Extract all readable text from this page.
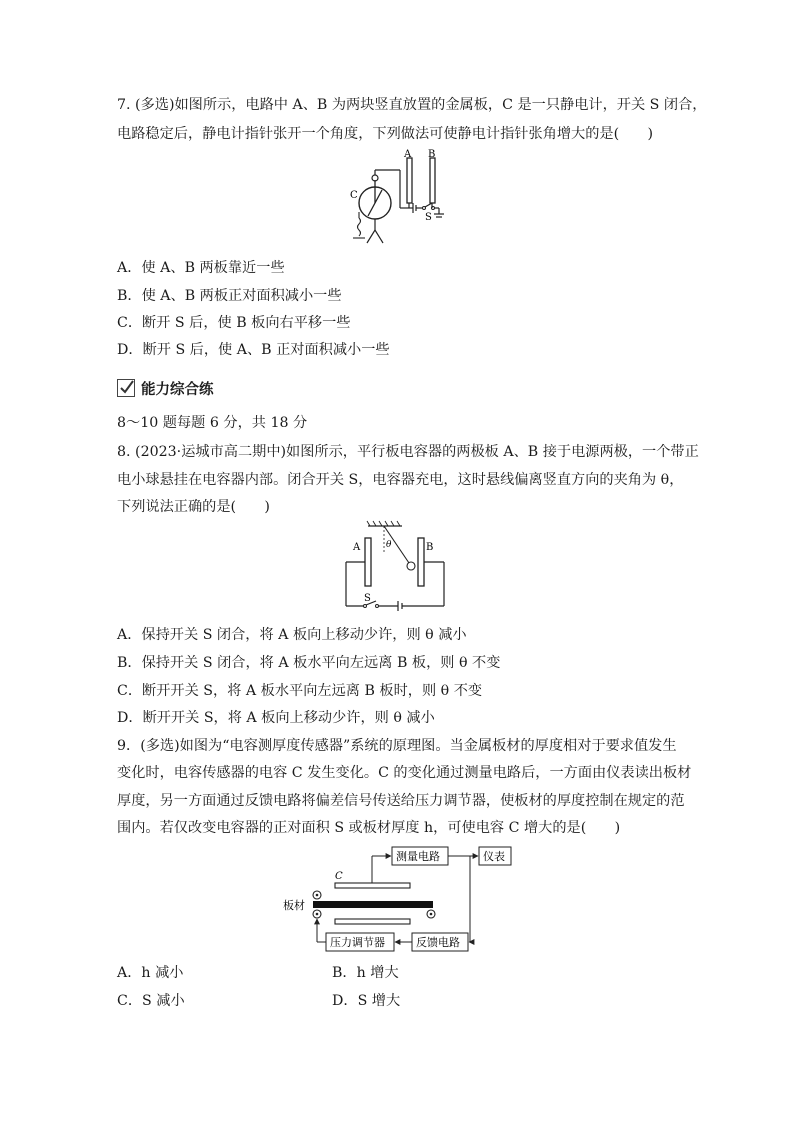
7. (多选)如图所示，电路中 A、B 为两块竖直放置的金属板，C 是一只静电计，开关 S 闭合，
电路稳定后，静电计指针张开一个角度，下列做法可使静电计指针张角增大的是(　　)
A B
C
S
A．使 A、B 两板靠近一些
B．使 A、B 两板正对面积减小一些
C．断开 S 后，使 B 板向右平移一些
D．断开 S 后，使 A、B 正对面积减小一些
能力综合练
8～10 题每题 6 分，共 18 分
8. (2023·运城市高二期中)如图所示，平行板电容器的两极板 A、B 接于电源两极，一个带正
电小球悬挂在电容器内部。闭合开关 S，电容器充电，这时悬线偏离竖直方向的夹角为 θ，
下列说法正确的是(　　)
A	B
θ
S
A．保持开关 S 闭合，将 A 板向上移动少许，则 θ 减小
B．保持开关 S 闭合，将 A 板水平向左远离 B 板，则 θ 不变
C．断开开关 S，将 A 板水平向左远离 B 板时，则 θ 不变
D．断开开关 S，将 A 板向上移动少许，则 θ 减小
9．(多选)如图为“电容测厚度传感器”系统的原理图。当金属板材的厚度相对于要求值发生
变化时，电容传感器的电容 C 发生变化。C 的变化通过测量电路后，一方面由仪表读出板材
厚度，另一方面通过反馈电路将偏差信号传送给压力调节器，使板材的厚度控制在规定的范
围内。若仅改变电容器的正对面积 S 或板材厚度 h，可使电容 C 增大的是(　　)
C
板材
测量电路	仪表
压力调节器	反馈电路
A．h 减小	B．h 增大
C．S 减小	D．S 增大
